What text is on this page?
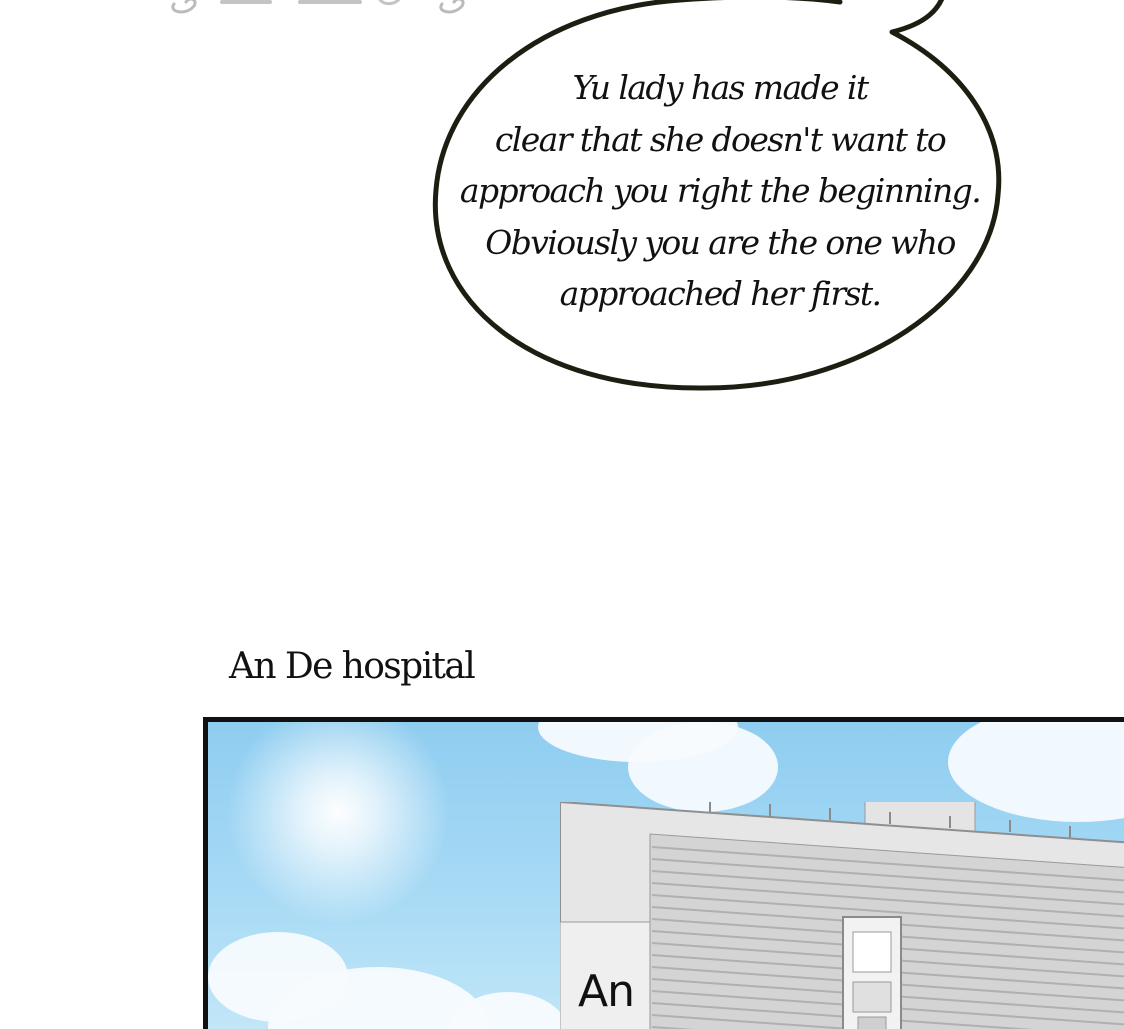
Yu lady has made it
clear that she doesn't want to
approach you right the beginning.
Obviously you are the one who
approached her first.
An De hospital
An
